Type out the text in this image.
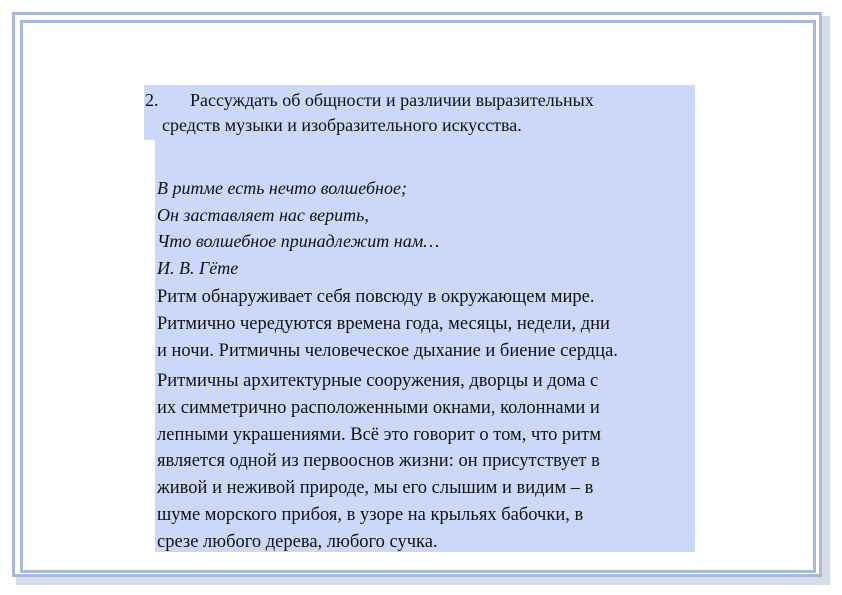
2. Рассуждать об общности и различии выразительных
средств музыки и изобразительного искусства.
В ритме есть нечто волшебное;
Он заставляет нас верить,
Что волшебное принадлежит нам…
И. В. Гёте
Ритм обнаруживает себя повсюду в окружающем мире.
Ритмично чередуются времена года, месяцы, недели, дни
и ночи. Ритмичны человеческое дыхание и биение сердца.
Ритмичны архитектурные сооружения, дворцы и дома с
их симметрично расположенными окнами, колоннами и
лепными украшениями. Всё это говорит о том, что ритм
является одной из первооснов жизни: он присутствует в
живой и неживой природе, мы его слышим и видим – в
шуме морского прибоя, в узоре на крыльях бабочки, в
срезе любого дерева, любого сучка.
